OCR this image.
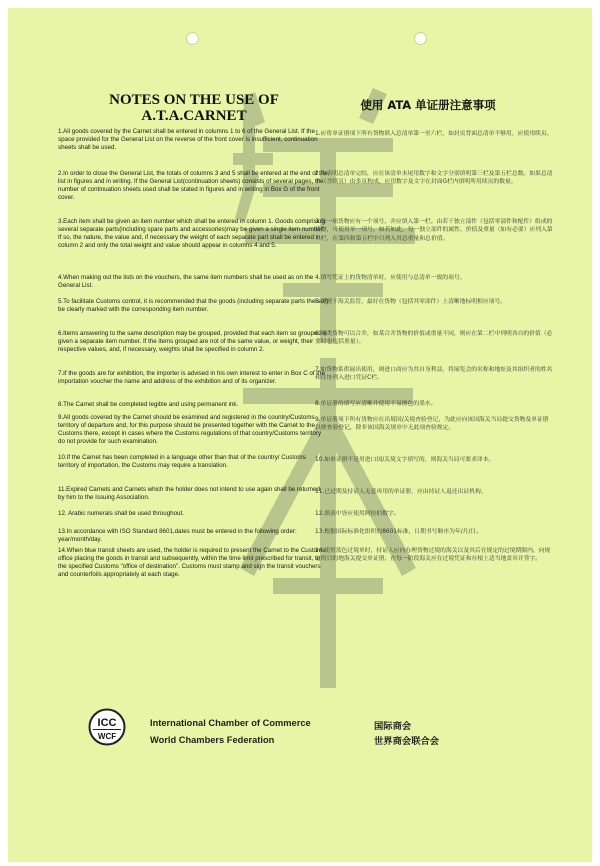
NOTES ON THE USE OF A.T.A.CARNET
使用 ATA 单证册注意事项
1.All goods covered by the Carnet shall be entered in columns 1 to 6 of the General List. If the space provided for the General List on the reverse of the front cover is insufficient, continuation sheets shall be used.
2.In order to close the General List, the totals of columns 3 and 5 shall be entered at the end of the list in figures and in writing. If the General List(continuation sheets) consists of several pages, the number of continuation sheets used shall be stated in figures and in writing in Box G of the front cover.
3.Each item shall be given an item number which shall be entered in column 1. Goods comprising several separate parts(including spare parts and accessories)may be given a single item number. If so, the nature, the value and, if necessary the weight of each separate part shall be entered in column 2 and only the total weight and value should appear in columns 4 and 5.
4.When making out the lists on the vouchers, the same item numbers shall be used as on the General List.
5.To facilitate Customs control, it is recommended that the goods (including separate parts thereof) be clearly marked with the corresponding item number.
6.Items answering to the same description may be grouped, provided that each item so grouped is given a separate item number. If the items grouped are not of the same value, or weight, their respective values, and, if necessary, weights shall be specified in column 2.
7.If the goods are for exhibition, the importer is advised in his own interest to enter in Box C of the importation voucher the name and address of the exhibition and of its organizer.
8.The Carnet shall be completed legible and using permanent ink.
9.All goods covered by the Carnet should be examined and registered in the country/Customs territory of departure and, for this purpose should be presented together with the Carnet to the Customs there, except in cases where the Customs regulations of that country/Customs territory do not provide for such examination.
10.If the Carnet has been completed in a language other than that of the country/ Customs territory of importation, the Customs may require a translation.
11.Expired Carnets and Carnets which the holder does not intend to use again shall be returned by him to the Issuing Association.
12. Arabic numerals shall be used throughout.
13.In accordance with ISO Standard 8601,dates must be entered in the following order: year/month/day.
14.When blue transit sheets are used, the holder is required to present the Carnet to the Customs office placing the goods in transit and subsequently, within the time limit prescribed for transit, to the specified Customs "office of destination". Customs must stamp and sign the transit vouchers and counterfoils appropriately at each stage.
1.应将单证册项下所有货物填入总清单第一至六栏，如封页背面总清单不够用，应使用续页。
2.为表明总清单完结，应在该清单末尾用数字和文字分别填明第三栏及第五栏总数。如果总清单（含续页）由多页构成，应用数字及文字在封面G栏内填明所用续页的数量。
3.每一项货物应有一个项号，并应填入第一栏。由若干独立部件（包括零部件和配件）组成的货物，可使用单一项号。如若如此，每一独立部件的属性、价值及重量（如有必要）应列入第二栏，在第四和第五栏中只列入其总重量和总价值。
4.填写凭证上的货物清单时，应使用与总清单一致的项号。
5.为便于海关监管，最好在货物（包括其零部件）上清晰地标明相应项号。
6.同类货物可以合并，如某合并货物的价值或重量不同，则应在第二栏中列明各自的价值（必要时也包括重量）。
7.如货物系供展出使用，则进口商应为其自身利益，将展览会的名称和地址及其组织者的姓名和住址列入进口凭证C栏。
8.单证册的填写应清晰并使用不易擦色的墨水。
9.单证册项下所有货物应在出境国/关境查验登记，为此应向该国海关当局提交货物及单证册以便查验登记，除非该国海关规章中无此项查验规定。
10.如单证册不是用进口国/关境文字填写的，则海关当局可要求译本。
11.已过期及持证人无意再用的单证册，应由持证人退还出证机构。
12.填表中皆应使用阿拉伯数字。
13.根据国际标准化组织的8601标准，日期书写顺序为年/月/日。
14.使用蓝色过境单时，持证人应向办理货物过境的海关以及其后在规定的过境期限内，向规定的目的地海关提交单证册，在每一阶段海关应在过境凭证和存根上适当地盖章并签字。
ICC
WCF
International Chamber of Commerce
World Chambers Federation
国际商会
世界商会联合会
